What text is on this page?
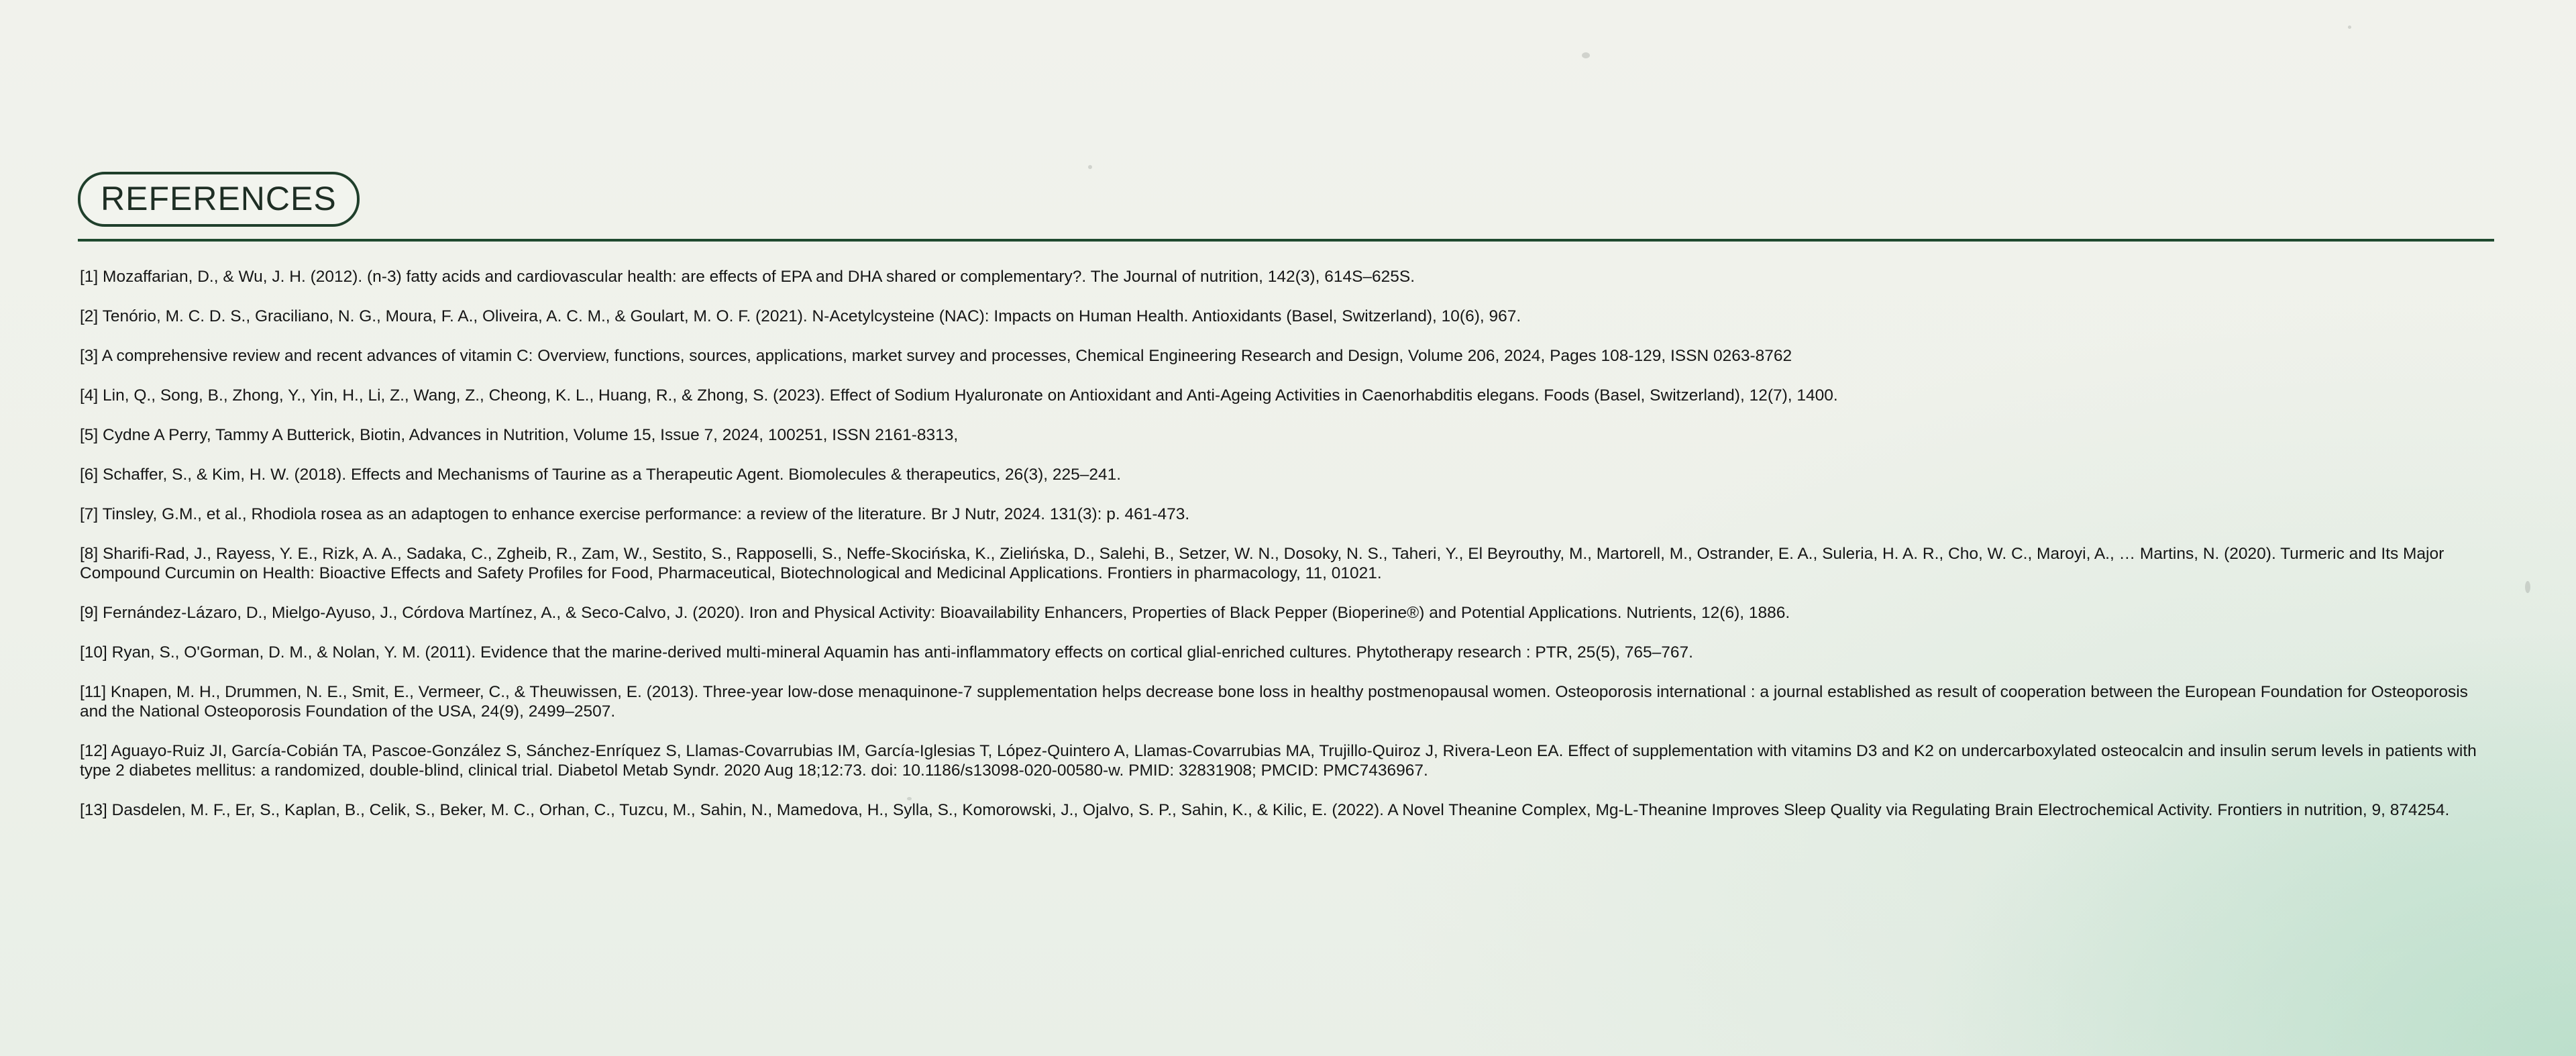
REFERENCES

[1] Mozaffarian, D., & Wu, J. H. (2012). (n-3) fatty acids and cardiovascular health: are effects of EPA and DHA shared or complementary?. The Journal of nutrition, 142(3), 614S–625S.

[2] Tenório, M. C. D. S., Graciliano, N. G., Moura, F. A., Oliveira, A. C. M., & Goulart, M. O. F. (2021). N-Acetylcysteine (NAC): Impacts on Human Health. Antioxidants (Basel, Switzerland), 10(6), 967.

[3] A comprehensive review and recent advances of vitamin C: Overview, functions, sources, applications, market survey and processes, Chemical Engineering Research and Design, Volume 206, 2024, Pages 108-129, ISSN 0263-8762

[4] Lin, Q., Song, B., Zhong, Y., Yin, H., Li, Z., Wang, Z., Cheong, K. L., Huang, R., & Zhong, S. (2023). Effect of Sodium Hyaluronate on Antioxidant and Anti-Ageing Activities in Caenorhabditis elegans. Foods (Basel, Switzerland), 12(7), 1400.

[5] Cydne A Perry, Tammy A Butterick, Biotin, Advances in Nutrition, Volume 15, Issue 7, 2024, 100251, ISSN 2161-8313,

[6] Schaffer, S., & Kim, H. W. (2018). Effects and Mechanisms of Taurine as a Therapeutic Agent. Biomolecules & therapeutics, 26(3), 225–241.

[7] Tinsley, G.M., et al., Rhodiola rosea as an adaptogen to enhance exercise performance: a review of the literature. Br J Nutr, 2024. 131(3): p. 461-473.

[8] Sharifi-Rad, J., Rayess, Y. E., Rizk, A. A., Sadaka, C., Zgheib, R., Zam, W., Sestito, S., Rapposelli, S., Neffe-Skocińska, K., Zielińska, D., Salehi, B., Setzer, W. N., Dosoky, N. S., Taheri, Y., El Beyrouthy, M., Martorell, M., Ostrander, E. A., Suleria, H. A. R., Cho, W. C., Maroyi, A., … Martins, N. (2020). Turmeric and Its Major Compound Curcumin on Health: Bioactive Effects and Safety Profiles for Food, Pharmaceutical, Biotechnological and Medicinal Applications. Frontiers in pharmacology, 11, 01021.

[9] Fernández-Lázaro, D., Mielgo-Ayuso, J., Córdova Martínez, A., & Seco-Calvo, J. (2020). Iron and Physical Activity: Bioavailability Enhancers, Properties of Black Pepper (Bioperine®) and Potential Applications. Nutrients, 12(6), 1886.

[10] Ryan, S., O'Gorman, D. M., & Nolan, Y. M. (2011). Evidence that the marine-derived multi-mineral Aquamin has anti-inflammatory effects on cortical glial-enriched cultures. Phytotherapy research : PTR, 25(5), 765–767.

[11] Knapen, M. H., Drummen, N. E., Smit, E., Vermeer, C., & Theuwissen, E. (2013). Three-year low-dose menaquinone-7 supplementation helps decrease bone loss in healthy postmenopausal women. Osteoporosis international : a journal established as result of cooperation between the European Foundation for Osteoporosis and the National Osteoporosis Foundation of the USA, 24(9), 2499–2507.

[12] Aguayo-Ruiz JI, García-Cobián TA, Pascoe-González S, Sánchez-Enríquez S, Llamas-Covarrubias IM, García-Iglesias T, López-Quintero A, Llamas-Covarrubias MA, Trujillo-Quiroz J, Rivera-Leon EA. Effect of supplementation with vitamins D3 and K2 on undercarboxylated osteocalcin and insulin serum levels in patients with type 2 diabetes mellitus: a randomized, double-blind, clinical trial. Diabetol Metab Syndr. 2020 Aug 18;12:73. doi: 10.1186/s13098-020-00580-w. PMID: 32831908; PMCID: PMC7436967.

[13] Dasdelen, M. F., Er, S., Kaplan, B., Celik, S., Beker, M. C., Orhan, C., Tuzcu, M., Sahin, N., Mamedova, H., Sylla, S., Komorowski, J., Ojalvo, S. P., Sahin, K., & Kilic, E. (2022). A Novel Theanine Complex, Mg-L-Theanine Improves Sleep Quality via Regulating Brain Electrochemical Activity. Frontiers in nutrition, 9, 874254.
